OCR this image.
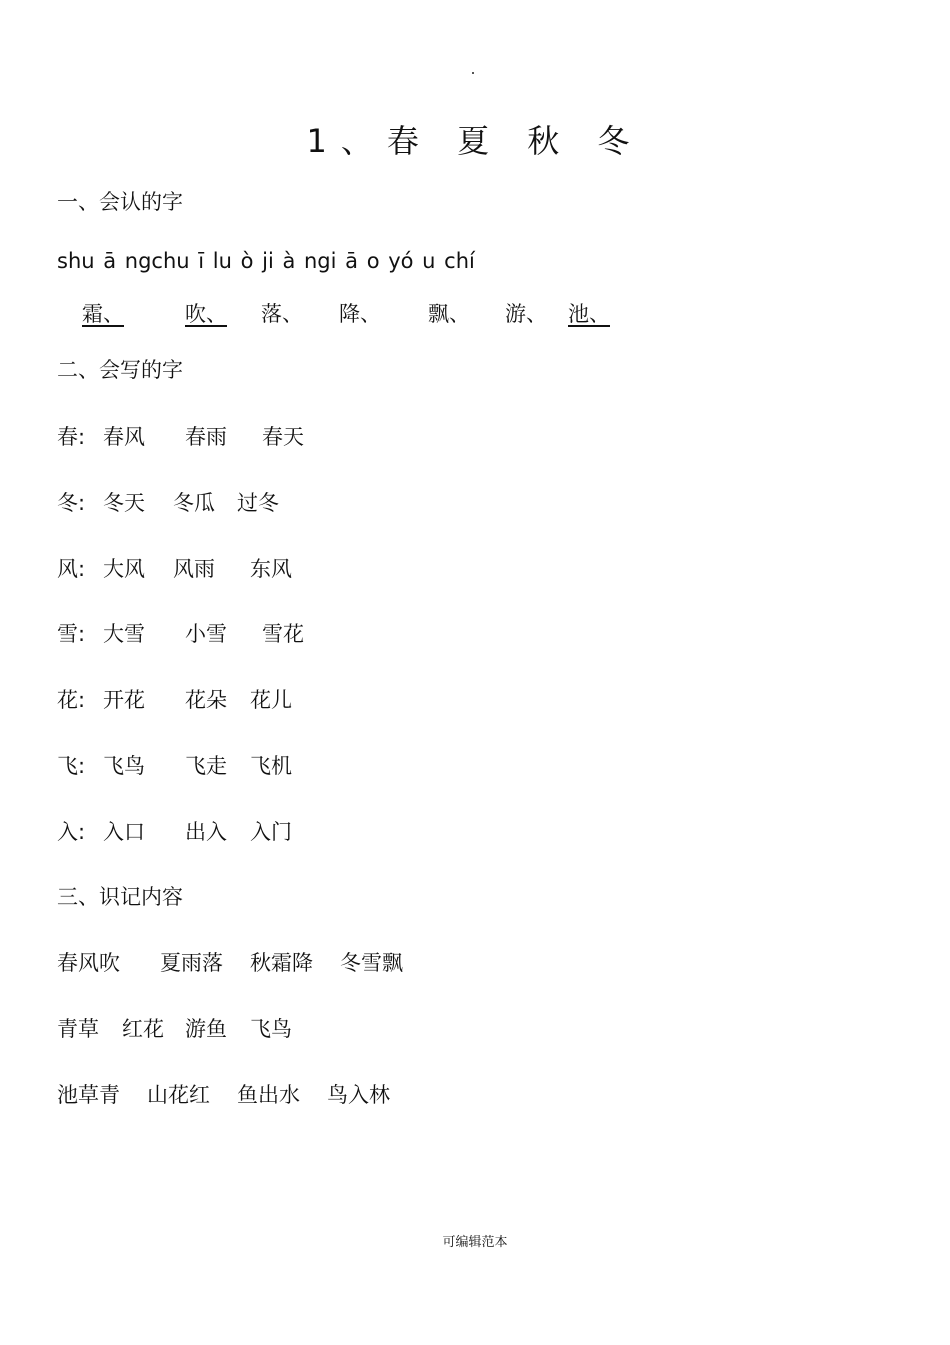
1、春 夏 秋 冬
一、会认的字
shu ā ngchu ī lu ò ji à ngi ā o yó u chí
霜、	吹、 落、 降、 飘、 游、 池、
二、会写的字
春: 春风 春雨 春天
冬: 冬天 冬瓜 过冬
风: 大风 风雨 东风
雪: 大雪 小雪 雪花
花: 开花 花朵 花儿
飞: 飞鸟 飞走 飞机
入: 入口 出入 入门
三、识记内容
春风吹 夏雨落 秋霜降 冬雪飘
青草 红花 游鱼 飞鸟
池草青 山花红 鱼出水 鸟入林
可编辑范本
